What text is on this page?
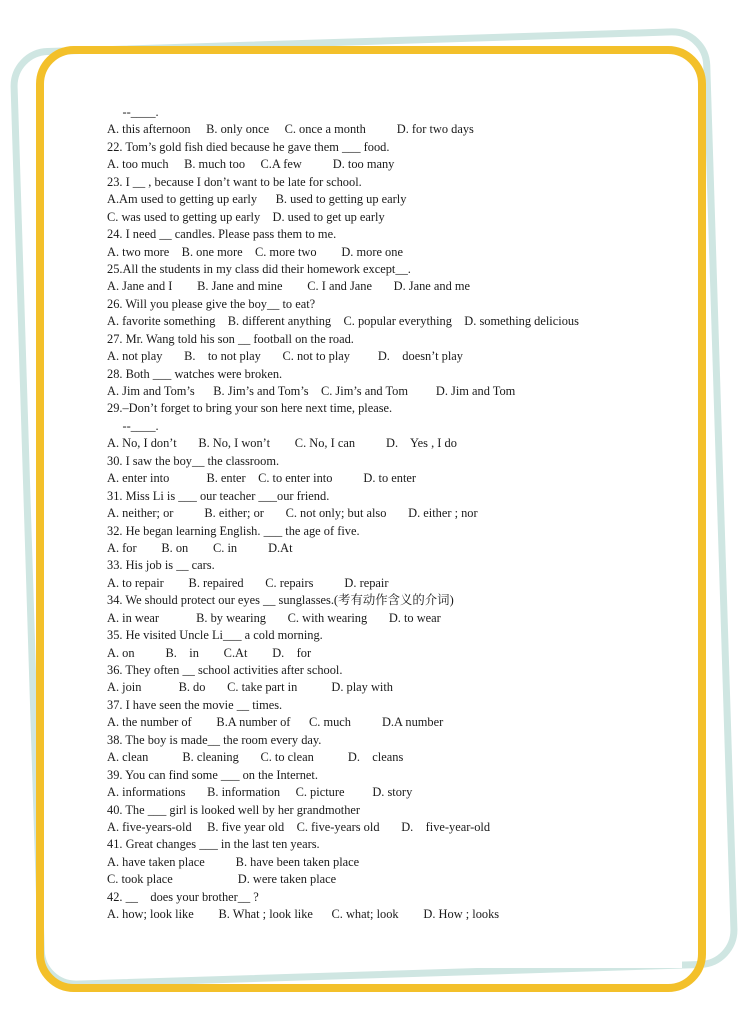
--____.
A. this afternoon     B. only once     C. once a month          D. for two days
22. Tom’s gold fish died because he gave them ___ food.
A. too much     B. much too     C.A few          D. too many
23. I __ , because I don’t want to be late for school.
A.Am used to getting up early      B. used to getting up early
C. was used to getting up early    D. used to get up early
24. I need __ candles. Please pass them to me.
A. two more    B. one more    C. more two        D. more one
25.All the students in my class did their homework except__.
A. Jane and I        B. Jane and mine        C. I and Jane       D. Jane and me
26. Will you please give the boy__ to eat?
A. favorite something    B. different anything    C. popular everything    D. something delicious
27. Mr. Wang told his son __ football on the road.
A. not play       B.    to not play       C. not to play         D.    doesn’t play
28. Both ___ watches were broken.
A. Jim and Tom’s      B. Jim’s and Tom’s    C. Jim’s and Tom         D. Jim and Tom
29.–Don’t forget to bring your son here next time, please.
--____.
A. No, I don’t       B. No, I won’t        C. No, I can          D.    Yes , I do
30. I saw the boy__ the classroom.
A. enter into            B. enter    C. to enter into          D. to enter
31. Miss Li is ___ our teacher ___our friend.
A. neither; or          B. either; or       C. not only; but also       D. either ; nor
32. He began learning English. ___ the age of five.
A. for        B. on        C. in          D.At
33. His job is __ cars.
A. to repair        B. repaired       C. repairs          D. repair
34. We should protect our eyes __ sunglasses.(考有动作含义的介词)
A. in wear            B. by wearing       C. with wearing       D. to wear
35. He visited Uncle Li___ a cold morning.
A. on          B.    in        C.At        D.    for
36. They often __ school activities after school.
A. join            B. do       C. take part in           D. play with
37. I have seen the movie __ times.
A. the number of        B.A number of      C. much          D.A number
38. The boy is made__ the room every day.
A. clean           B. cleaning       C. to clean           D.    cleans
39. You can find some ___ on the Internet.
A. informations       B. information     C. picture         D. story
40. The ___ girl is looked well by her grandmother
A. five-years-old     B. five year old    C. five-years old       D.    five-year-old
41. Great changes ___ in the last ten years.
A. have taken place          B. have been taken place
C. took place                     D. were taken place
42. __    does your brother__ ?
A. how; look like        B. What ; look like      C. what; look        D. How ; looks
